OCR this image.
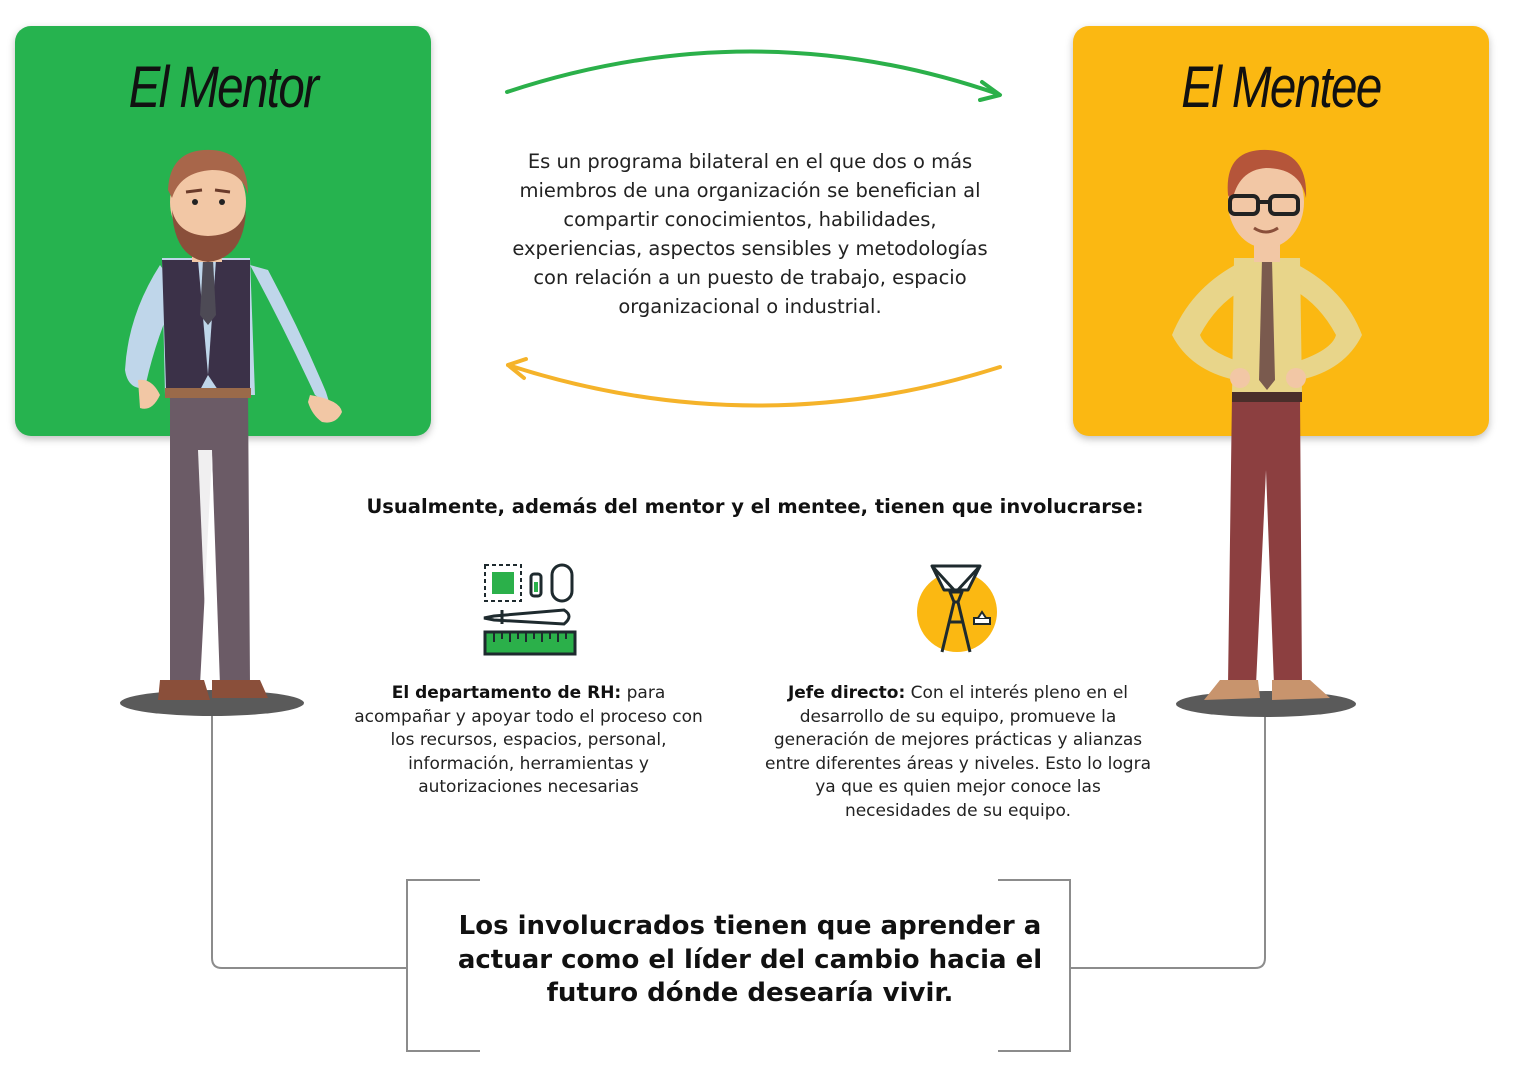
El Mentor	El Mentee

Es un programa bilateral en el que dos o más miembros de una organización se benefician al compartir conocimientos, habilidades, experiencias, aspectos sensibles y metodologías con relación a un puesto de trabajo, espacio organizacional o industrial.

Usualmente, además del mentor y el mentee, tienen que involucrarse:

El departamento de RH: para acompañar y apoyar todo el proceso con los recursos, espacios, personal, información, herramientas y autorizaciones necesarias

Jefe directo: Con el interés pleno en el desarrollo de su equipo, promueve la generación de mejores prácticas y alianzas entre diferentes áreas y niveles. Esto lo logra ya que es quien mejor conoce las necesidades de su equipo.

Los involucrados tienen que aprender a actuar como el líder del cambio hacia el futuro dónde desearía vivir.
